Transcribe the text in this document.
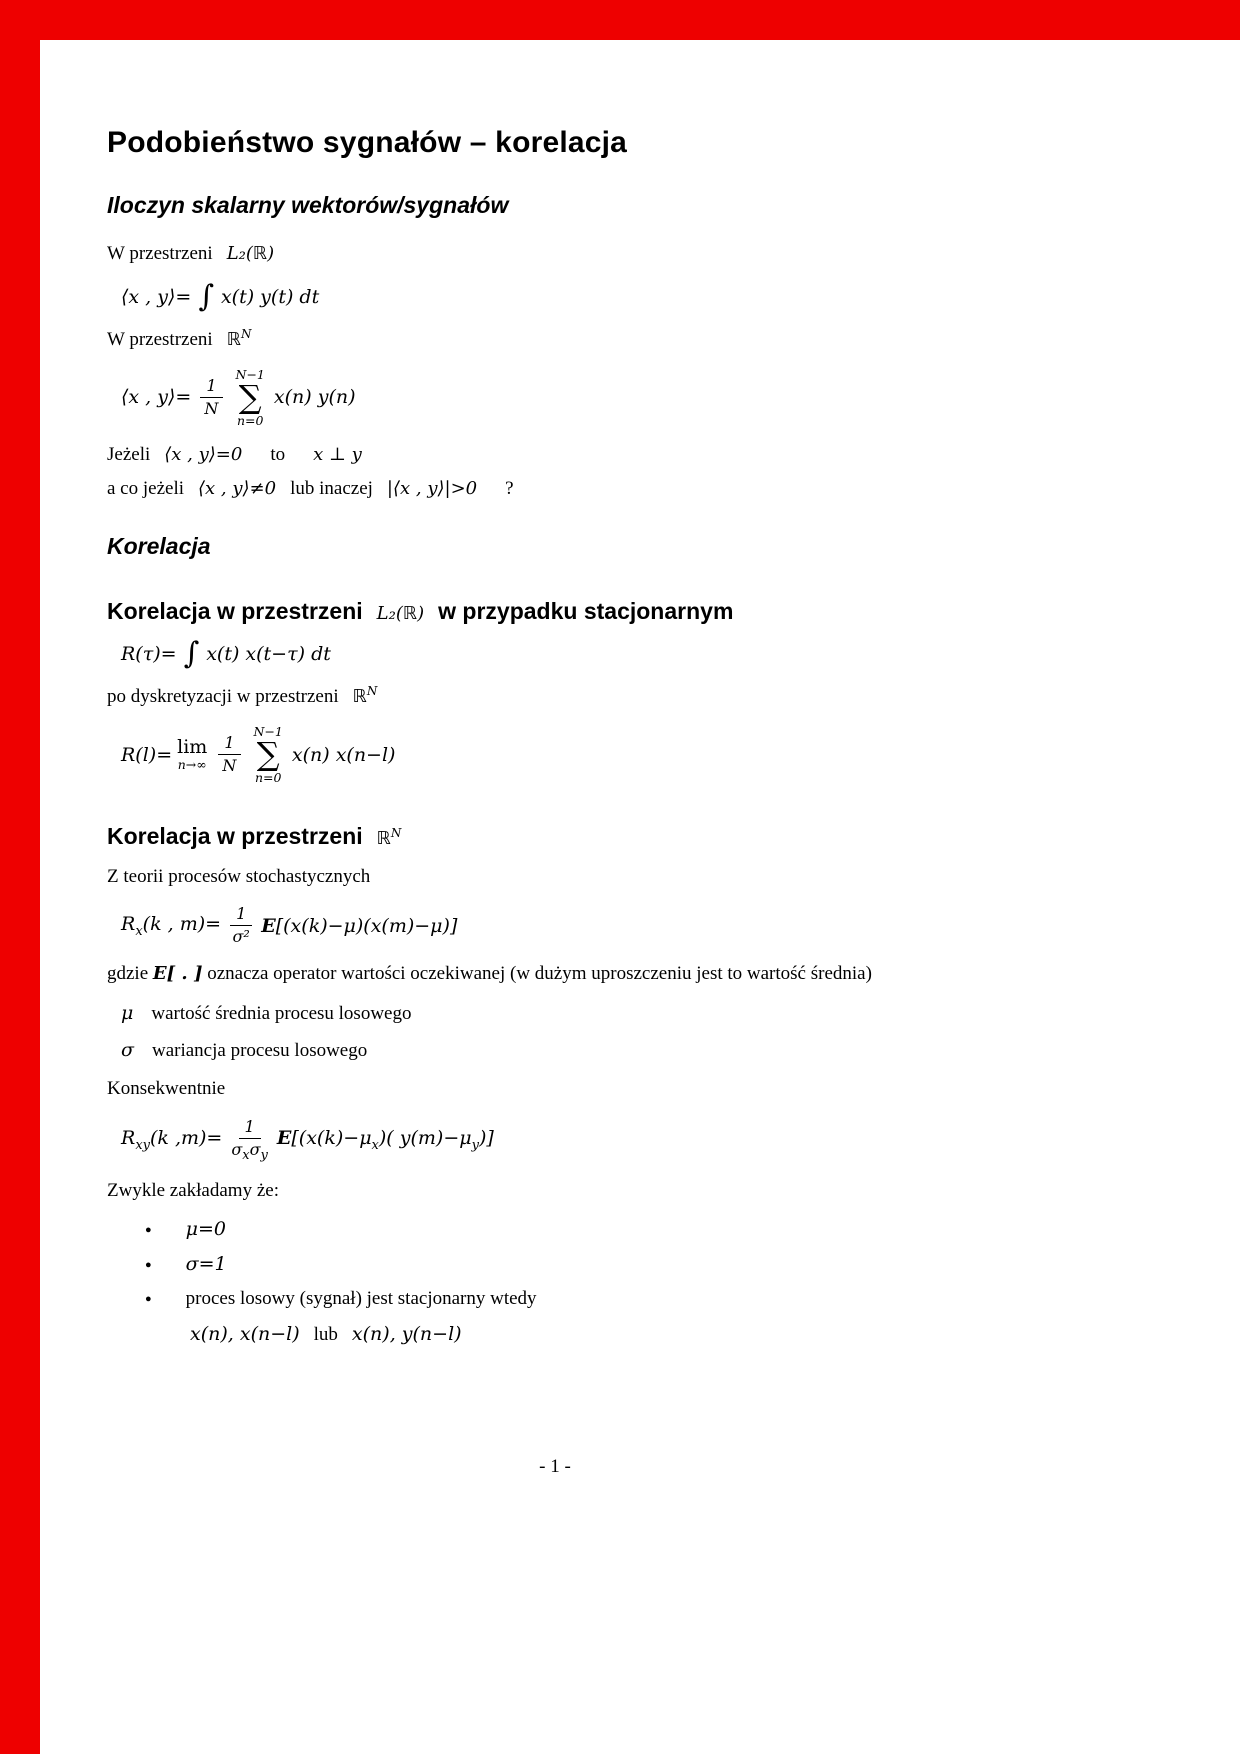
Podobieństwo sygnałów – korelacja
Iloczyn skalarny wektorów/sygnałów

W przestrzeni L₂(ℝ)

⟨x , y⟩= ∫ x(t) y(t) dt

W przestrzeni ℝ$^N$

⟨x , y⟩= $\frac{1}{N}$
N−1
∑
n=0
x(n) y(n)

Jeżeli ⟨x , y⟩=0 to x ⊥ y

a co jeżeli ⟨x , y⟩≠0 lub inaczej |⟨x , y⟩|>0 ?

Korelacja
Korelacja w przestrzeni L₂(ℝ) w przypadku stacjonarnym
R(τ)= ∫ x(t) x(t−τ) dt

po dyskretyzacji w przestrzeni ℝ$^N$

R(l)= lim
$n\to\infty \frac{1}{N}$
N−1
∑
n=0
x(n) x(n−l)
Korelacja w przestrzeni ℝ$^N$

Z teorii procesów stochastycznych

$R_x(k$ , $m)= \frac{1}{\text{σ²}} E[(x(k)-\mu)(x(m)-\mu)]$

gdzie E[ . ] oznacza operator wartości oczekiwanej (w dużym uproszczeniu jest to wartość średnia)

μ wartość średnia procesu losowego
σ wariancja procesu losowego

Konsekwentnie

$R_{xy}(k$ $,m)= \frac{1}{\sigma_x\sigma_y} E[(x(k)-\mu_x)$( $y(m)-\mu_y$)]

Zwykle zakładamy że:

●
μ=0
●
σ=1
●
proces losowy (sygnał) jest stacjonarny wtedy
x(n), x(n−l) lub x(n), y(n−l)
- 1 -
